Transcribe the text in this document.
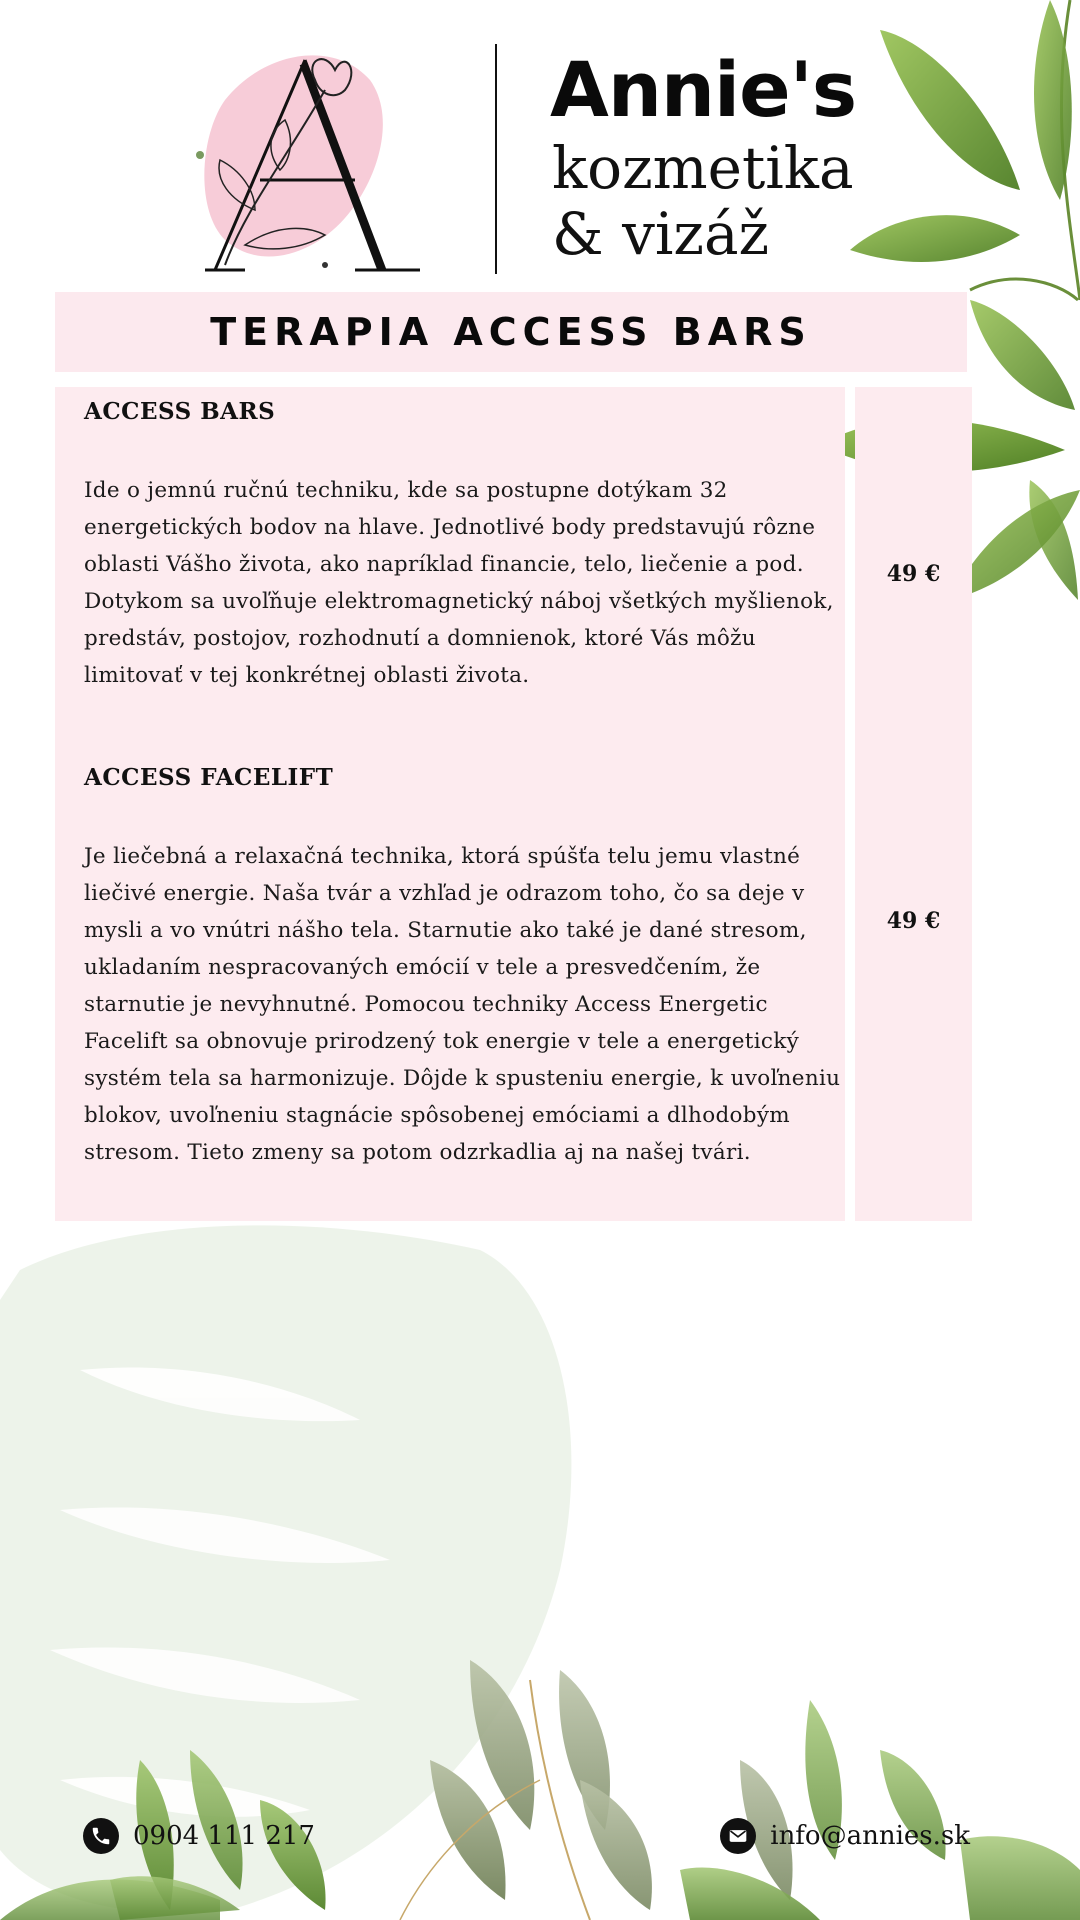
Annie's
kozmetika
& vizáž
TERAPIA ACCESS BARS
ACCESS BARS
Ide o jemnú ručnú techniku, kde sa postupne dotýkam 32 energetických bodov na hlave. Jednotlivé body predstavujú rôzne oblasti Vášho života, ako napríklad financie, telo, liečenie a pod. Dotykom sa uvoľňuje elektromagnetický náboj všetkých myšlienok, predstáv, postojov, rozhodnutí a domnienok, ktoré Vás môžu limitovať v tej konkrétnej oblasti života.
49 €
ACCESS FACELIFT
Je liečebná a relaxačná technika, ktorá spúšťa telu jemu vlastné liečivé energie. Naša tvár a vzhľad je odrazom toho, čo sa deje v mysli a vo vnútri nášho tela. Starnutie ako také je dané stresom, ukladaním nespracovaných emócií v tele a presvedčením, že starnutie je nevyhnutné. Pomocou techniky Access Energetic Facelift sa obnovuje prirodzený tok energie v tele a energetický systém tela sa harmonizuje. Dôjde k spusteniu energie, k uvoľneniu blokov, uvoľneniu stagnácie spôsobenej emóciami a dlhodobým stresom. Tieto zmeny sa potom odzrkadlia aj na našej tvári.
49 €
0904 111 217	info@annies.sk
